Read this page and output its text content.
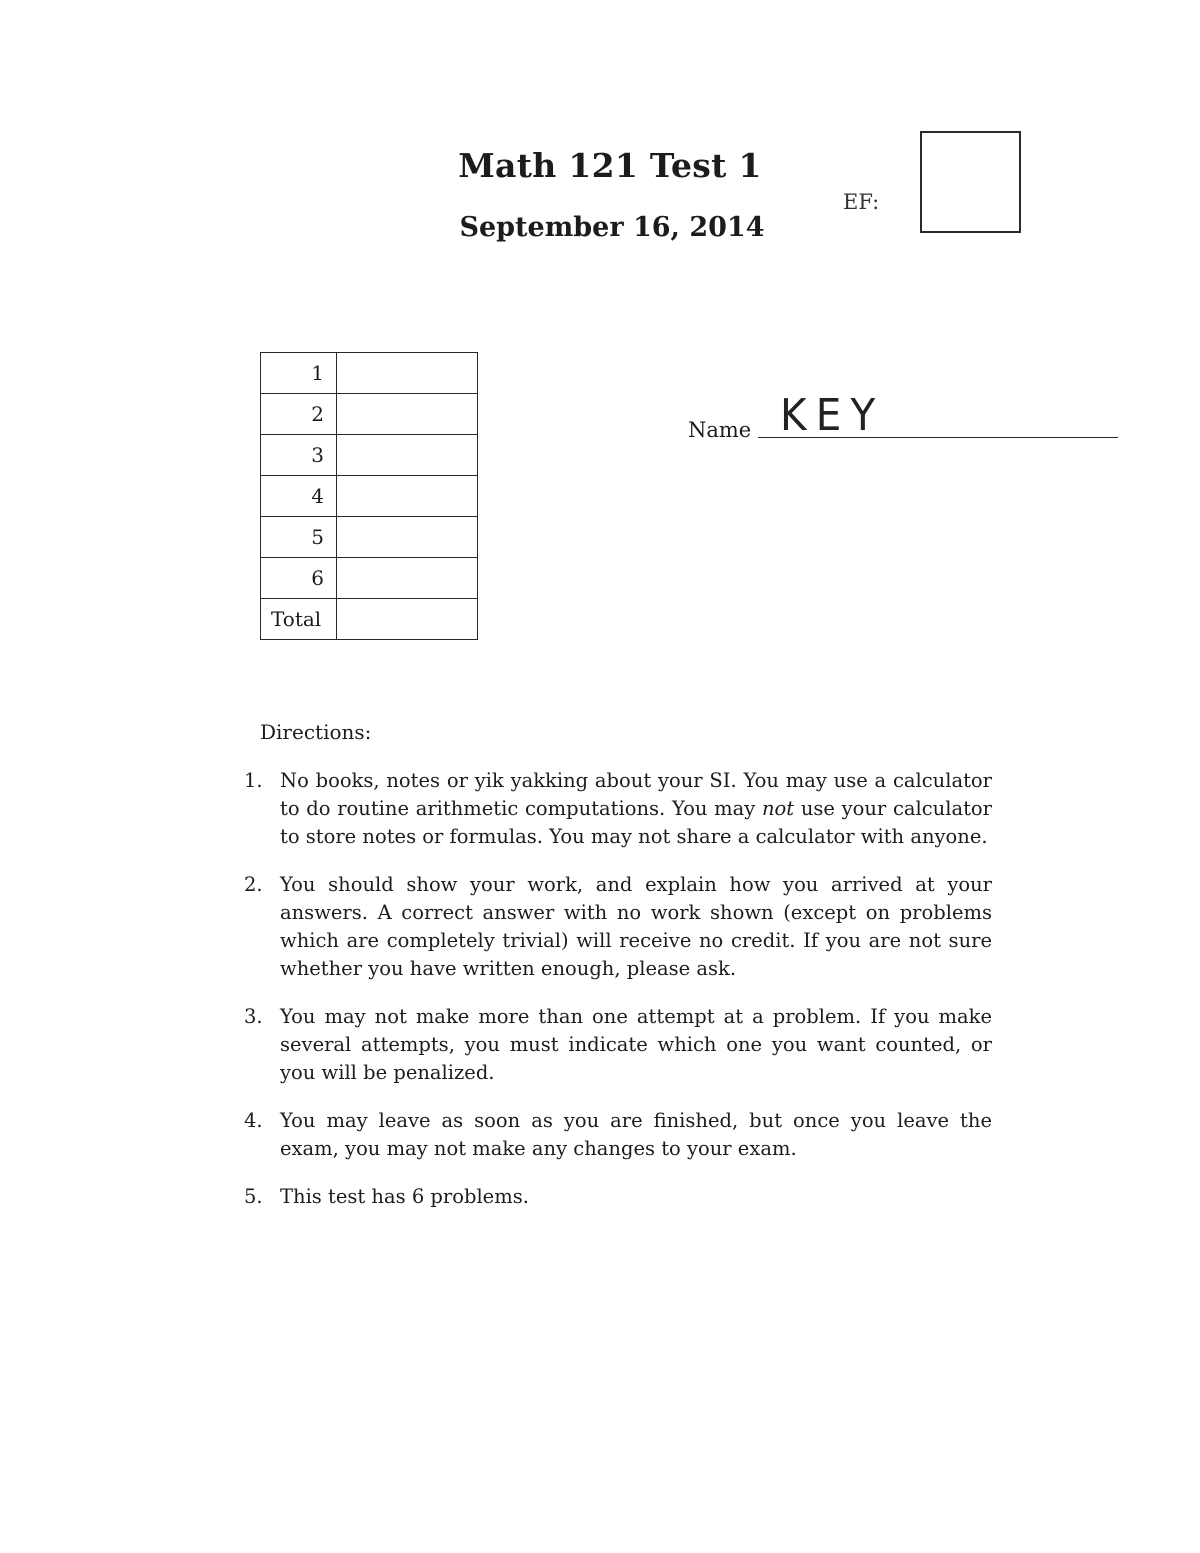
Math 121 Test 1
September 16, 2014
EF:
1	
2	
3	
4	
5	
6	
Total	
Name KEY
Directions:
1. No books, notes or yik yakking about your SI. You may use a calculator to do routine arithmetic computations. You may not use your calculator to store notes or formulas. You may not share a calculator with anyone.
2. You should show your work, and explain how you arrived at your answers. A correct answer with no work shown (except on problems which are completely trivial) will receive no credit. If you are not sure whether you have written enough, please ask.
3. You may not make more than one attempt at a problem. If you make several attempts, you must indicate which one you want counted, or you will be penalized.
4. You may leave as soon as you are finished, but once you leave the exam, you may not make any changes to your exam.
5. This test has 6 problems.
